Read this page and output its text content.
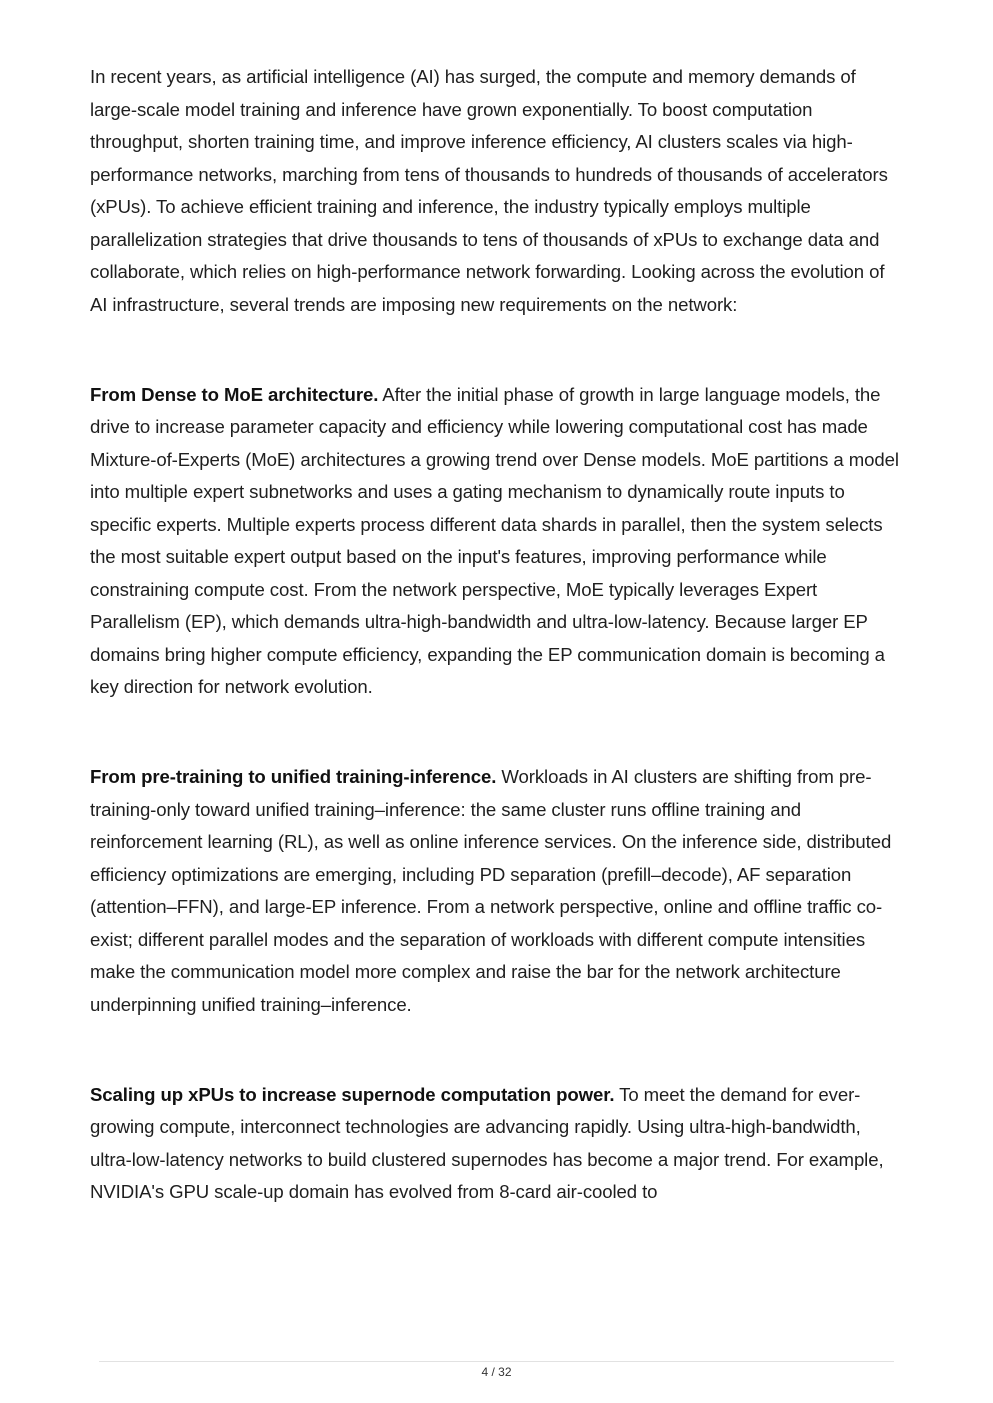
In recent years, as artificial intelligence (AI) has surged, the compute and memory demands of large-scale model training and inference have grown exponentially. To boost computation throughput, shorten training time, and improve inference efficiency, AI clusters scales via high-performance networks, marching from tens of thousands to hundreds of thousands of accelerators (xPUs). To achieve efficient training and inference, the industry typically employs multiple parallelization strategies that drive thousands to tens of thousands of xPUs to exchange data and collaborate, which relies on high-performance network forwarding. Looking across the evolution of AI infrastructure, several trends are imposing new requirements on the network:

From Dense to MoE architecture. After the initial phase of growth in large language models, the drive to increase parameter capacity and efficiency while lowering computational cost has made Mixture-of-Experts (MoE) architectures a growing trend over Dense models. MoE partitions a model into multiple expert subnetworks and uses a gating mechanism to dynamically route inputs to specific experts. Multiple experts process different data shards in parallel, then the system selects the most suitable expert output based on the input's features, improving performance while constraining compute cost. From the network perspective, MoE typically leverages Expert Parallelism (EP), which demands ultra-high-bandwidth and ultra-low-latency. Because larger EP domains bring higher compute efficiency, expanding the EP communication domain is becoming a key direction for network evolution.

From pre-training to unified training-inference. Workloads in AI clusters are shifting from pre-training-only toward unified training–inference: the same cluster runs offline training and reinforcement learning (RL), as well as online inference services. On the inference side, distributed efficiency optimizations are emerging, including PD separation (prefill–decode), AF separation (attention–FFN), and large-EP inference. From a network perspective, online and offline traffic co-exist; different parallel modes and the separation of workloads with different compute intensities make the communication model more complex and raise the bar for the network architecture underpinning unified training–inference.

Scaling up xPUs to increase supernode computation power. To meet the demand for ever-growing compute, interconnect technologies are advancing rapidly. Using ultra-high-bandwidth, ultra-low-latency networks to build clustered supernodes has become a major trend. For example, NVIDIA's GPU scale-up domain has evolved from 8-card air-cooled to

4 / 32
